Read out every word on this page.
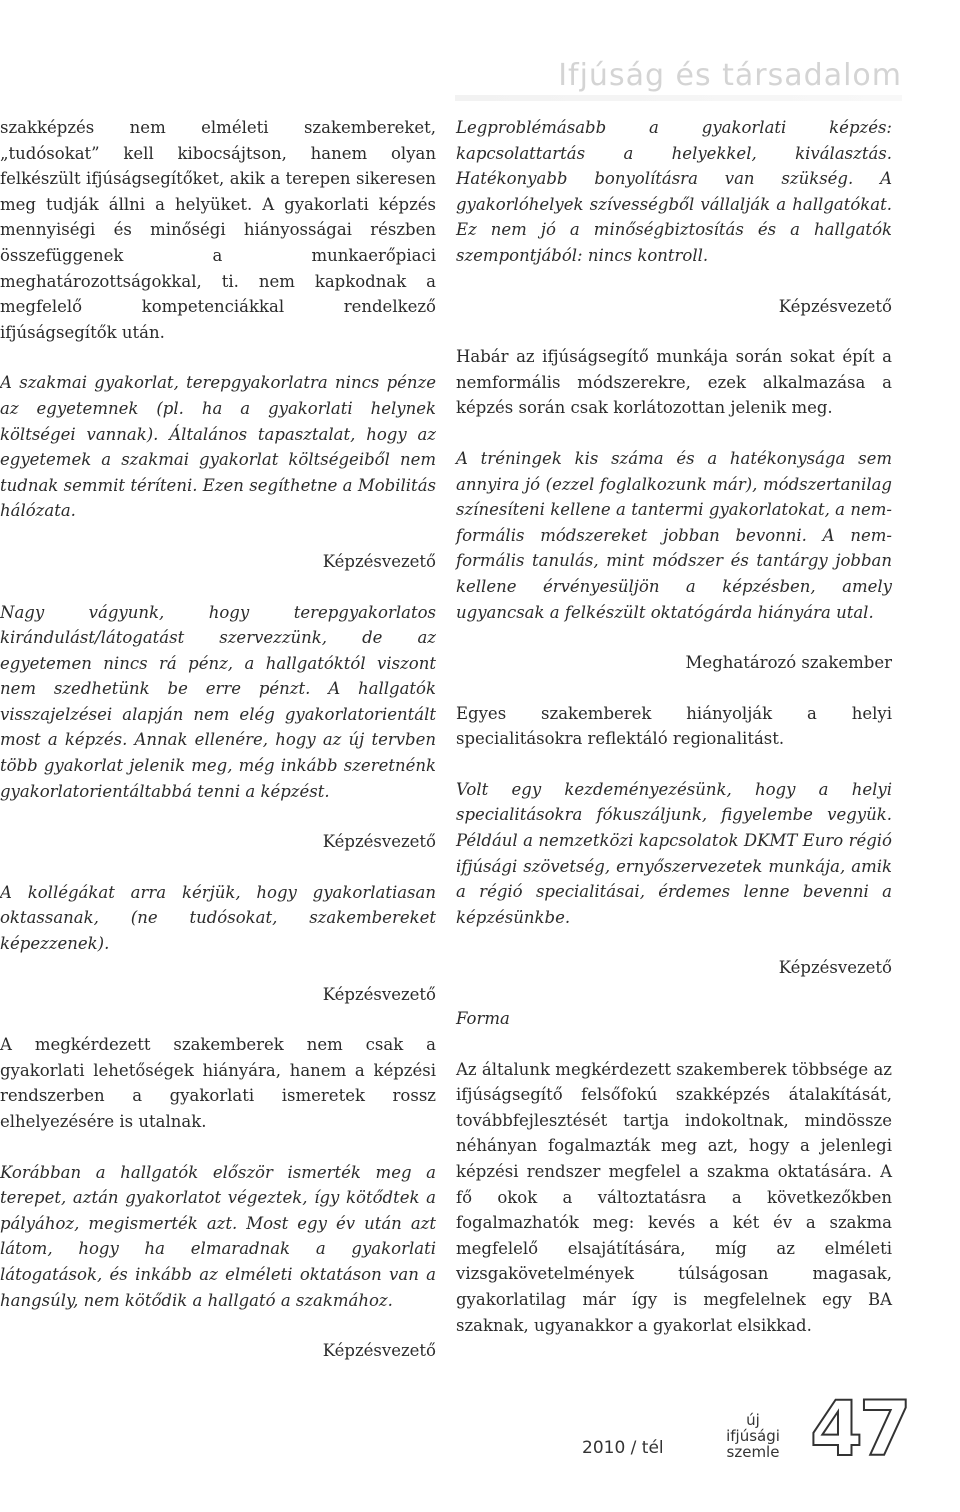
Ifjúság és társadalom

szakképzés nem elméleti szakembereket, „tudósokat” kell kibocsájtson, hanem olyan felkészült ifjúságsegítőket, akik a terepen sikeresen meg tudják állni a helyüket. A gyakorlati képzés mennyiségi és minőségi hiányosságai részben összefüggenek a munkaerőpiaci meghatározottságokkal, ti. nem kapkodnak a megfelelő kompetenciákkal rendelkező ifjúságsegítők után.

A szakmai gyakorlat, terepgyakorlatra nincs pénze az egyetemnek (pl. ha a gyakorlati helynek költségei vannak). Általános tapasztalat, hogy az egyetemek a szakmai gyakorlat költségeiből nem tudnak semmit téríteni. Ezen segíthetne a Mobilitás hálózata.

Képzésvezető

Nagy vágyunk, hogy terepgyakorlatos kirándulást/látogatást szervezzünk, de az egyetemen nincs rá pénz, a hallgatóktól viszont nem szedhetünk be erre pénzt. A hallgatók visszajelzései alapján nem elég gyakorlatorientált most a képzés. Annak ellenére, hogy az új tervben több gyakorlat jelenik meg, még inkább szeretnénk gyakorlatorientáltabbá tenni a képzést.

Képzésvezető

A kollégákat arra kérjük, hogy gyakorlatiasan oktassanak, (ne tudósokat, szakembereket képezzenek).

Képzésvezető

A megkérdezett szakemberek nem csak a gyakorlati lehetőségek hiányára, hanem a képzési rendszerben a gyakorlati ismeretek rossz elhelyezésére is utalnak.

Korábban a hallgatók először ismerték meg a terepet, aztán gyakorlatot végeztek, így kötődtek a pályához, megismerték azt. Most egy év után azt látom, hogy ha elmaradnak a gyakorlati látogatások, és inkább az elméleti oktatáson van a hangsúly, nem kötődik a hallgató a szakmához.

Képzésvezető

Legproblémásabb a gyakorlati képzés: kapcsolattartás a helyekkel, kiválasztás. Hatékonyabb bonyolításra van szükség. A gyakorlóhelyek szívességből vállalják a hallgatókat. Ez nem jó a minőségbiztosítás és a hallgatók szempontjából: nincs kontroll.

Képzésvezető

Habár az ifjúságsegítő munkája során sokat épít a nemformális módszerekre, ezek alkalmazása a képzés során csak korlátozottan jelenik meg.

A tréningek kis száma és a hatékonysága sem annyira jó (ezzel foglalkozunk már), módszertanilag színesíteni kellene a tantermi gyakorlatokat, a nem-formális módszereket jobban bevonni. A nem-formális tanulás, mint módszer és tantárgy jobban kellene érvényesüljön a képzésben, amely ugyancsak a felkészült oktatógárda hiányára utal.

Meghatározó szakember

Egyes szakemberek hiányolják a helyi specialitásokra reflektáló regionalitást.

Volt egy kezdeményezésünk, hogy a helyi specialitásokra fókuszáljunk, figyelembe vegyük. Például a nemzetközi kapcsolatok DKMT Euro régió ifjúsági szövetség, ernyőszervezetek munkája, amik a régió specialitásai, érdemes lenne bevenni a képzésünkbe.

Képzésvezető

Forma

Az általunk megkérdezett szakemberek többsége az ifjúságsegítő felsőfokú szakképzés átalakítását, továbbfejlesztését tartja indokoltnak, mindössze néhányan fogalmazták meg azt, hogy a jelenlegi képzési rendszer megfelel a szakma oktatására. A fő okok a változtatásra a következőkben fogalmazhatók meg: kevés a két év a szakma megfelelő elsajátítására, míg az elméleti vizsgakövetelmények túlságosan magasak, gyakorlatilag már így is megfelelnek egy BA szaknak, ugyanakkor a gyakorlat elsikkad.

2010 / tél
új
ifjúsági
szemle 47
